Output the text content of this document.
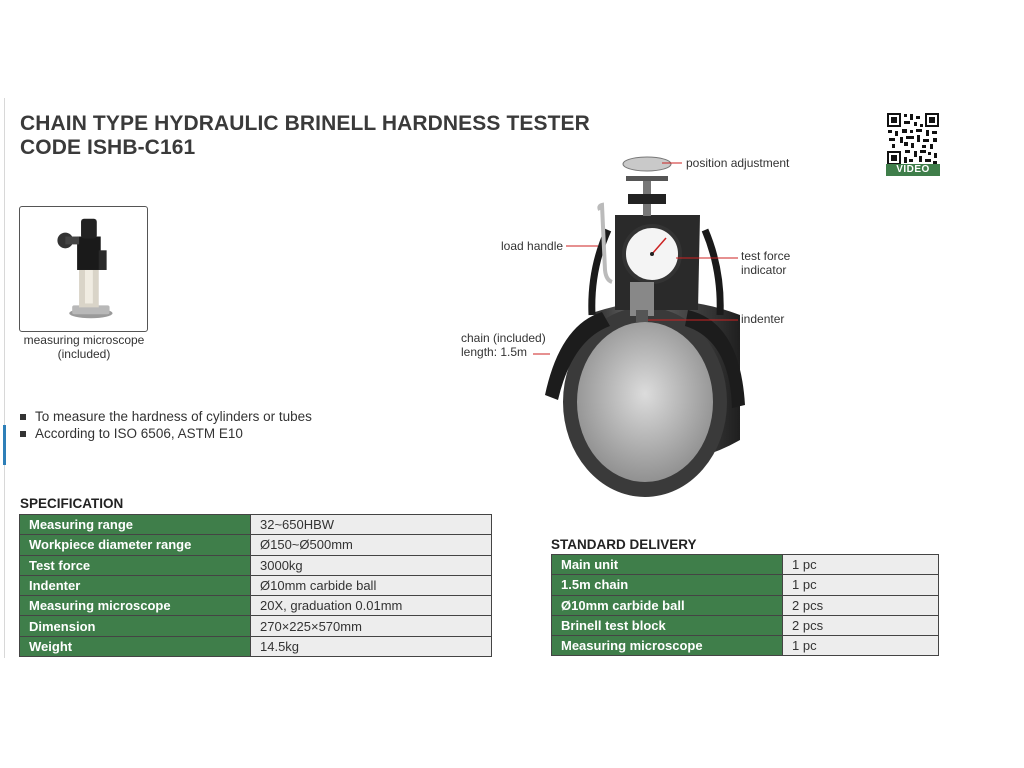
CHAIN TYPE HYDRAULIC BRINELL HARDNESS TESTER
CODE ISHB-C161
VIDEO
measuring microscope
(included)
position adjustment
load handle
test force
indicator
indenter
chain (included)
length: 1.5m
To measure the hardness of cylinders or tubes
According to ISO 6506, ASTM E10
SPECIFICATION
Measuring range	32~650HBW
Workpiece diameter range	Ø150~Ø500mm
Test force	3000kg
Indenter	Ø10mm carbide ball
Measuring microscope	20X, graduation 0.01mm
Dimension	270×225×570mm
Weight	14.5kg
STANDARD DELIVERY
Main unit	1 pc
1.5m chain	1 pc
Ø10mm carbide ball	2 pcs
Brinell test block	2 pcs
Measuring microscope	1 pc
